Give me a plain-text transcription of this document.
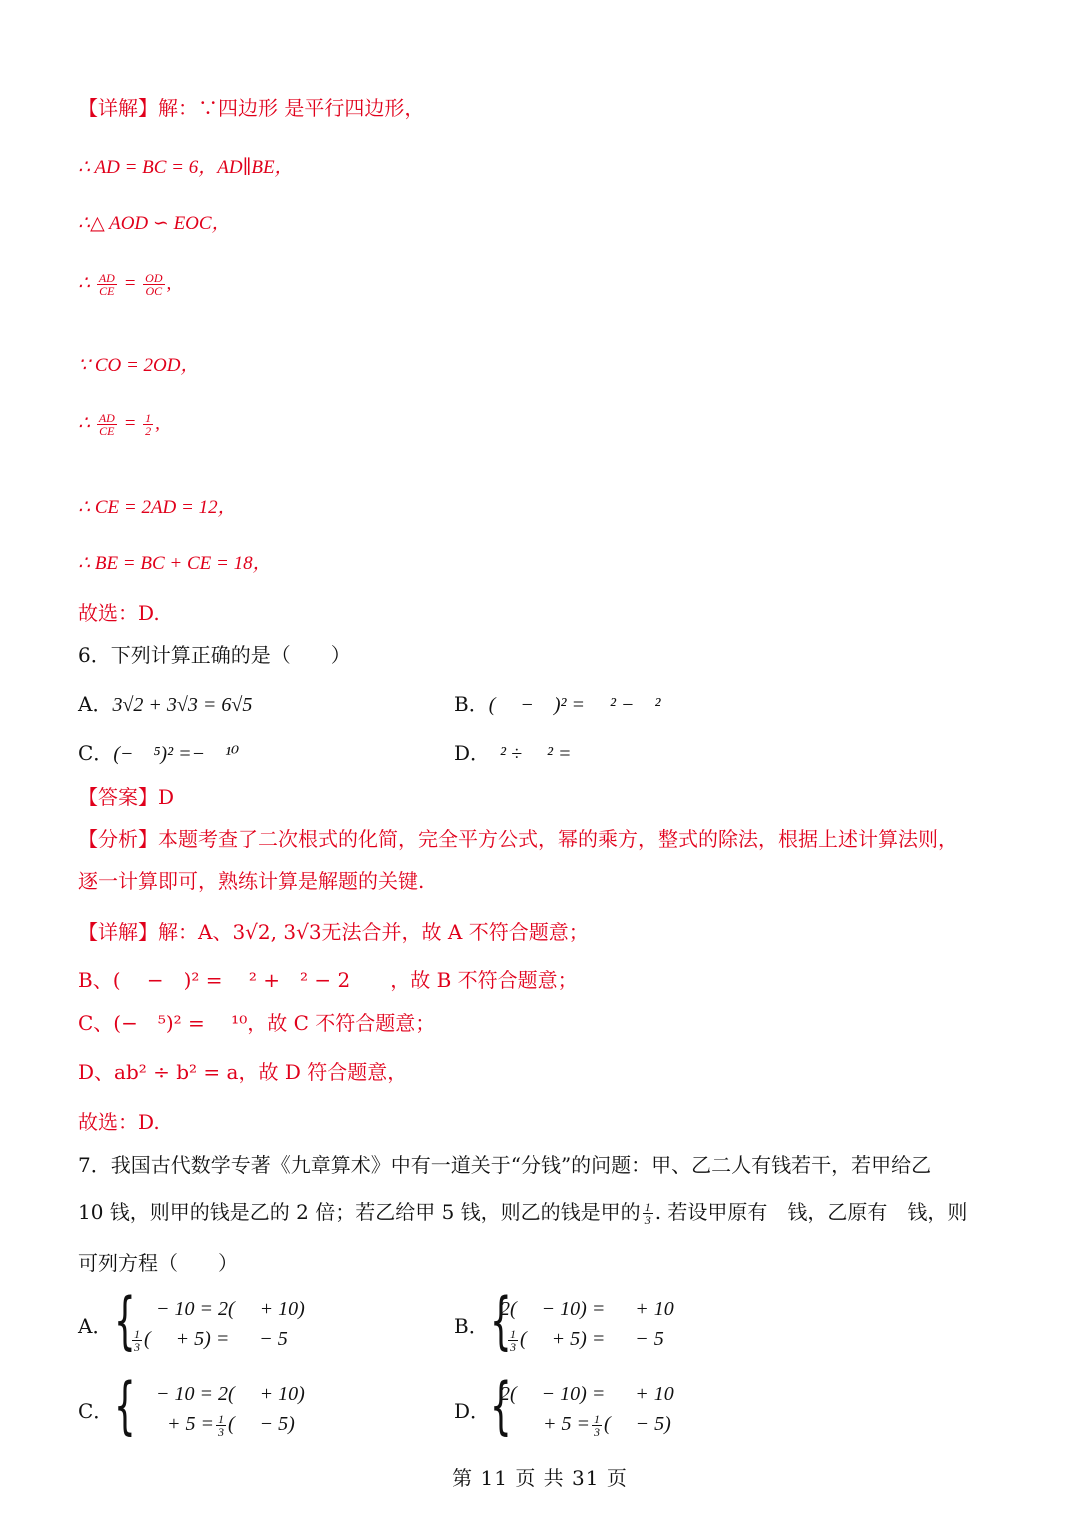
【详解】解：∵四边形 是平行四边形，
∴ AD = BC = 6，AD∥BE，
∴△ AOD ∽ EOC，
∴ $\frac{AD}{CE} = \frac{OD}{OC}$ ,
∵ CO = 2OD，
∴ $\frac{AD}{CE} = \frac{1}{2}$ ,
∴ CE = 2AD = 12，
∴ BE = BC + CE = 18，
故选：D.
6．下列计算正确的是（　　）
A．3√2 + 3√3 = 6√5	B．(　 −　)² = 　² −　²
C．(−　⁵)² =−　¹⁰	D．　² ÷ 　² =
【答案】D
【分析】本题考查了二次根式的化简，完全平方公式，幂的乘方，整式的除法，根据上述计算法则，
逐一计算即可，熟练计算是解题的关键.
【详解】解：A、3√2, 3√3无法合并，故 A 不符合题意；
B、(　 −　)² = 　² +　² − 2　　，故 B 不符合题意；
C、(−　⁵)² = 　¹⁰，故 C 不符合题意；
D、ab² ÷ b² = a，故 D 符合题意，
故选：D.
7．我国古代数学专著《九章算术》中有一道关于“分钱”的问题：甲、乙二人有钱若干，若甲给乙
10 钱，则甲的钱是乙的 2 倍；若乙给甲 5 钱，则乙的钱是甲的 $\frac{1}{3}$ . 若设甲原有　钱，乙原有　钱，则
可列方程（　　）
A． { 　− 10 = 2(　 + 10)
$\frac{1}{3}$ (　 + 5) = 　 − 5
B． {
2(　 − 10) = 　 + 10
$\frac{1}{3}$ (　 + 5) = 　 − 5
C． { 　− 10 = 2(　 + 10)
　 + $5 = \frac{1}{3}$ (　 − 5)
D． {
2(　 − 10) = 　 + 10
　 + $5 = \frac{1}{3}$ (　 − 5)
第 11 页 共 31 页
